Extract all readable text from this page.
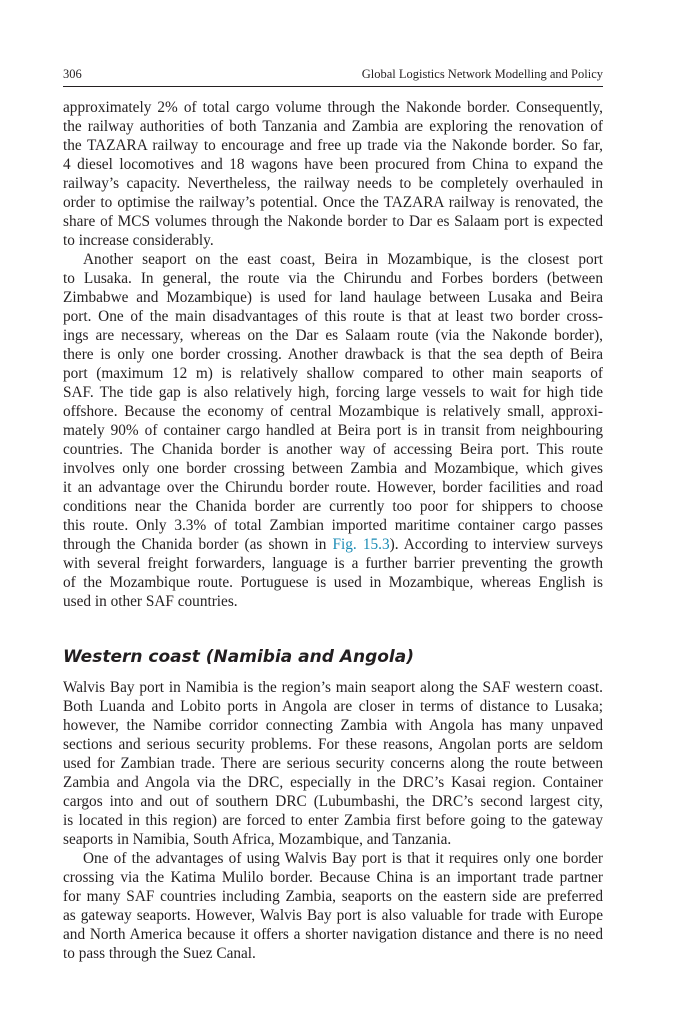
306	Global Logistics Network Modelling and Policy
approximately 2% of total cargo volume through the Nakonde border. Consequently,
the railway authorities of both Tanzania and Zambia are exploring the renovation of
the TAZARA railway to encourage and free up trade via the Nakonde border. So far,
4 diesel locomotives and 18 wagons have been procured from China to expand the
railway’s capacity. Nevertheless, the railway needs to be completely overhauled in
order to optimise the railway’s potential. Once the TAZARA railway is renovated, the
share of MCS volumes through the Nakonde border to Dar es Salaam port is expected
to increase considerably.
Another seaport on the east coast, Beira in Mozambique, is the closest port
to Lusaka. In general, the route via the Chirundu and Forbes borders (between
Zimbabwe and Mozambique) is used for land haulage between Lusaka and Beira
port. One of the main disadvantages of this route is that at least two border cross-
ings are necessary, whereas on the Dar es Salaam route (via the Nakonde border),
there is only one border crossing. Another drawback is that the sea depth of Beira
port (maximum 12 m) is relatively shallow compared to other main seaports of
SAF. The tide gap is also relatively high, forcing large vessels to wait for high tide
offshore. Because the economy of central Mozambique is relatively small, approxi-
mately 90% of container cargo handled at Beira port is in transit from neighbouring
countries. The Chanida border is another way of accessing Beira port. This route
involves only one border crossing between Zambia and Mozambique, which gives
it an advantage over the Chirundu border route. However, border facilities and road
conditions near the Chanida border are currently too poor for shippers to choose
this route. Only 3.3% of total Zambian imported maritime container cargo passes
through the Chanida border (as shown in Fig. 15.3). According to interview surveys
with several freight forwarders, language is a further barrier preventing the growth
of the Mozambique route. Portuguese is used in Mozambique, whereas English is
used in other SAF countries.
Western coast (Namibia and Angola)
Walvis Bay port in Namibia is the region’s main seaport along the SAF western coast.
Both Luanda and Lobito ports in Angola are closer in terms of distance to Lusaka;
however, the Namibe corridor connecting Zambia with Angola has many unpaved
sections and serious security problems. For these reasons, Angolan ports are seldom
used for Zambian trade. There are serious security concerns along the route between
Zambia and Angola via the DRC, especially in the DRC’s Kasai region. Container
cargos into and out of southern DRC (Lubumbashi, the DRC’s second largest city,
is located in this region) are forced to enter Zambia first before going to the gateway
seaports in Namibia, South Africa, Mozambique, and Tanzania.
One of the advantages of using Walvis Bay port is that it requires only one border
crossing via the Katima Mulilo border. Because China is an important trade partner
for many SAF countries including Zambia, seaports on the eastern side are preferred
as gateway seaports. However, Walvis Bay port is also valuable for trade with Europe
and North America because it offers a shorter navigation distance and there is no need
to pass through the Suez Canal.
